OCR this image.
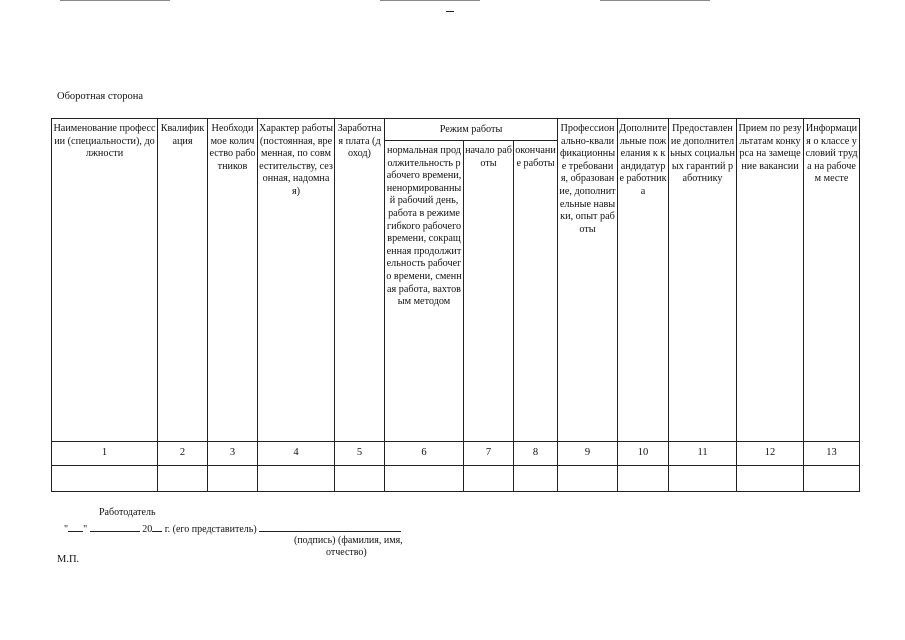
Оборотная сторона
Наименование профессии (специальности), должности	Квалификация	Необходимое количество работников	Характер работы (постоянная, временная, по совместительству, сезонная, надомная)	Заработная плата (доход)	Режим работы			Профессионально-квалификационные требования, образование, дополнительные навыки, опыт работы	Дополнительные пожелания к кандидатуре работника	Предоставление дополнительных социальных гарантий работнику	Прием по результатам конкурса на замещение вакансии	Информация о классе условий труда на рабочем месте
					нормальная продолжительность рабочего времени, ненормированный рабочий день, работа в режиме гибкого рабочего времени, сокращенная продолжительность рабочего времени, сменная работа, вахтовым методом	начало работы	окончание работы					
1	2	3	4	5	6	7	8	9	10	11	12	13

Работодатель
" "	20 г. (его представитель)
(подпись) (фамилия, имя,
отчество)
М.П.
